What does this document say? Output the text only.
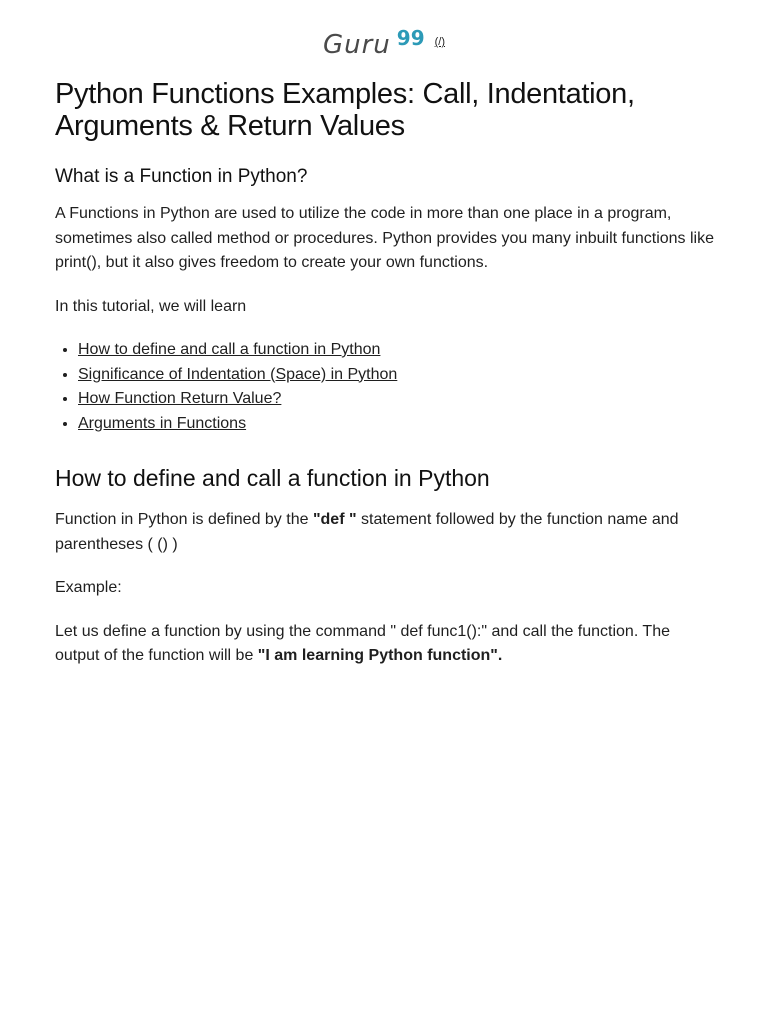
Guru 99 (/)
Python Functions Examples: Call, Indentation, Arguments & Return Values
What is a Function in Python?

A Functions in Python are used to utilize the code in more than one place in a program, sometimes also called method or procedures. Python provides you many inbuilt functions like print(), but it also gives freedom to create your own functions.

In this tutorial, we will learn

• How to define and call a function in Python
• Significance of Indentation (Space) in Python
• How Function Return Value?
• Arguments in Functions
How to define and call a function in Python

Function in Python is defined by the "def " statement followed by the function name and parentheses ( () )

Example:

Let us define a function by using the command " def func1():" and call the function. The output of the function will be "I am learning Python function".
